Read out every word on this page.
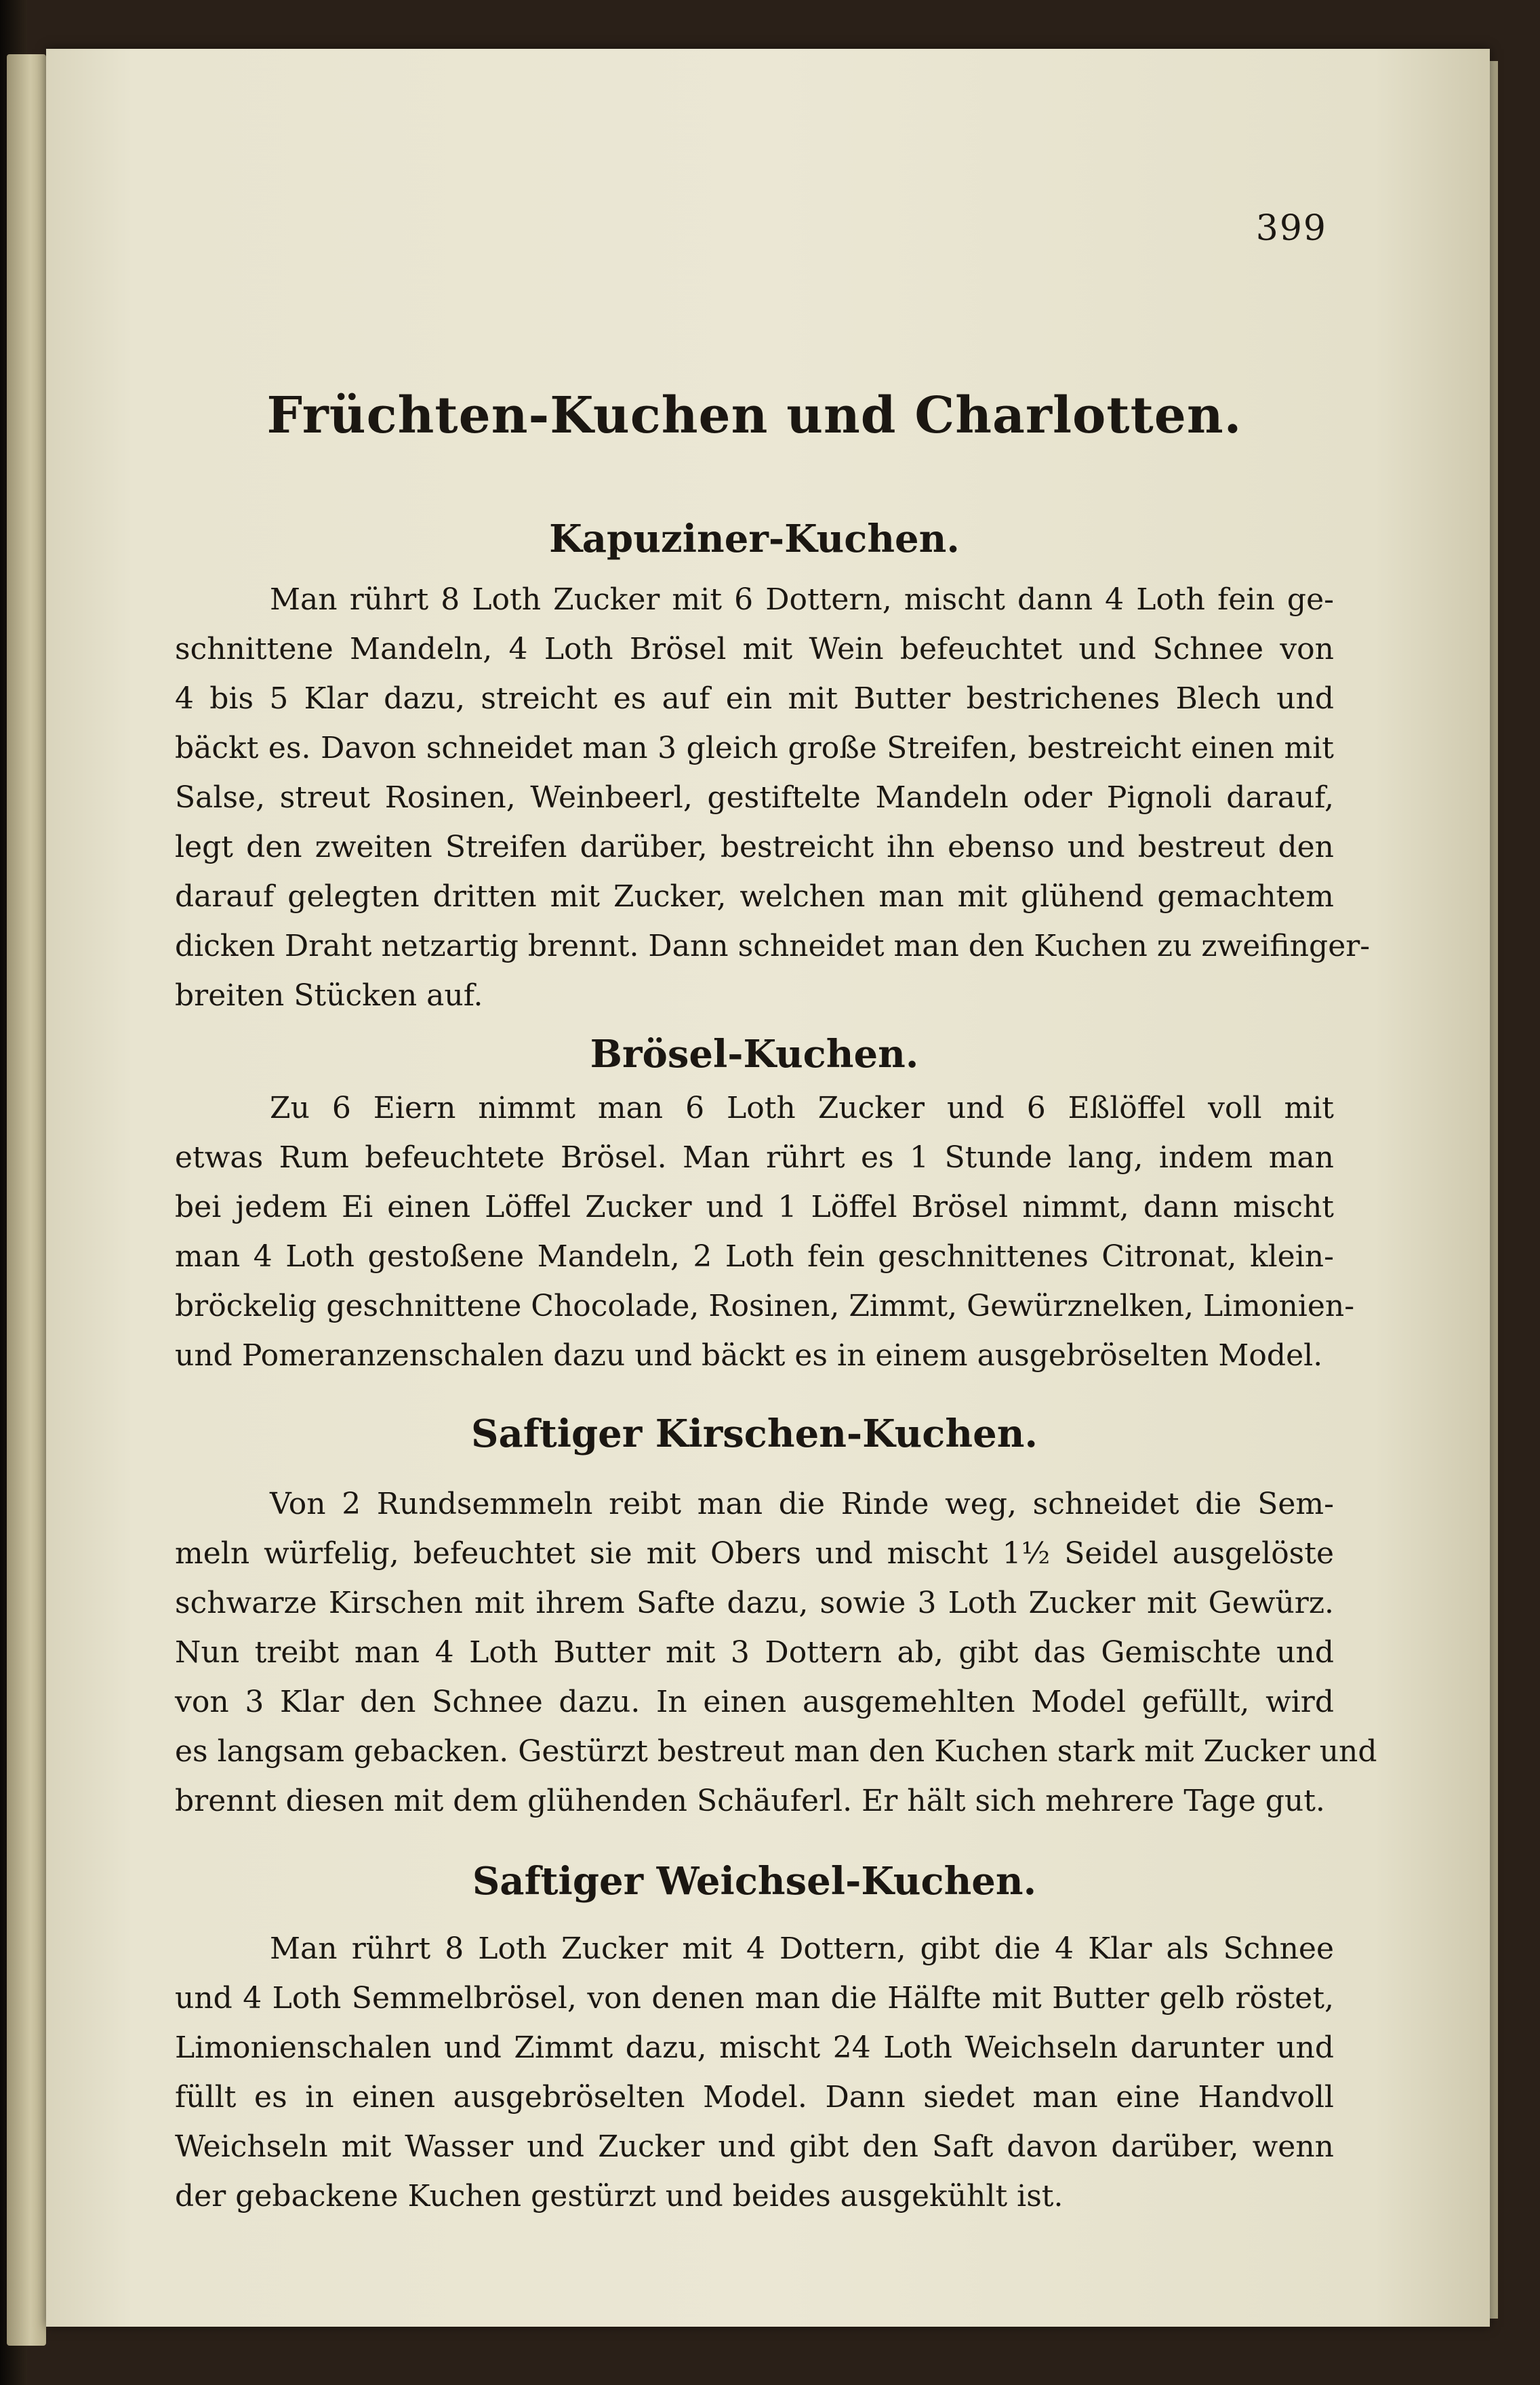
399
Früchten-Kuchen und Charlotten.
Kapuziner-Kuchen.
Man rührt 8 Loth Zucker mit 6 Dottern, mischt dann 4 Loth fein ge-
schnittene Mandeln, 4 Loth Brösel mit Wein befeuchtet und Schnee von
4 bis 5 Klar dazu, streicht es auf ein mit Butter bestrichenes Blech und
bäckt es. Davon schneidet man 3 gleich große Streifen, bestreicht einen mit
Salse, streut Rosinen, Weinbeerl, gestiftelte Mandeln oder Pignoli darauf,
legt den zweiten Streifen darüber, bestreicht ihn ebenso und bestreut den
darauf gelegten dritten mit Zucker, welchen man mit glühend gemachtem
dicken Draht netzartig brennt. Dann schneidet man den Kuchen zu zweifinger-
breiten Stücken auf.
Brösel-Kuchen.
Zu 6 Eiern nimmt man 6 Loth Zucker und 6 Eßlöffel voll mit
etwas Rum befeuchtete Brösel. Man rührt es 1 Stunde lang, indem man
bei jedem Ei einen Löffel Zucker und 1 Löffel Brösel nimmt, dann mischt
man 4 Loth gestoßene Mandeln, 2 Loth fein geschnittenes Citronat, klein-
bröckelig geschnittene Chocolade, Rosinen, Zimmt, Gewürznelken, Limonien-
und Pomeranzenschalen dazu und bäckt es in einem ausgebröselten Model.
Saftiger Kirschen-Kuchen.
Von 2 Rundsemmeln reibt man die Rinde weg, schneidet die Sem-
meln würfelig, befeuchtet sie mit Obers und mischt 1½ Seidel ausgelöste
schwarze Kirschen mit ihrem Safte dazu, sowie 3 Loth Zucker mit Gewürz.
Nun treibt man 4 Loth Butter mit 3 Dottern ab, gibt das Gemischte und
von 3 Klar den Schnee dazu. In einen ausgemehlten Model gefüllt, wird
es langsam gebacken. Gestürzt bestreut man den Kuchen stark mit Zucker und
brennt diesen mit dem glühenden Schäuferl. Er hält sich mehrere Tage gut.
Saftiger Weichsel-Kuchen.
Man rührt 8 Loth Zucker mit 4 Dottern, gibt die 4 Klar als Schnee
und 4 Loth Semmelbrösel, von denen man die Hälfte mit Butter gelb röstet,
Limonienschalen und Zimmt dazu, mischt 24 Loth Weichseln darunter und
füllt es in einen ausgebröselten Model. Dann siedet man eine Handvoll
Weichseln mit Wasser und Zucker und gibt den Saft davon darüber, wenn
der gebackene Kuchen gestürzt und beides ausgekühlt ist.
